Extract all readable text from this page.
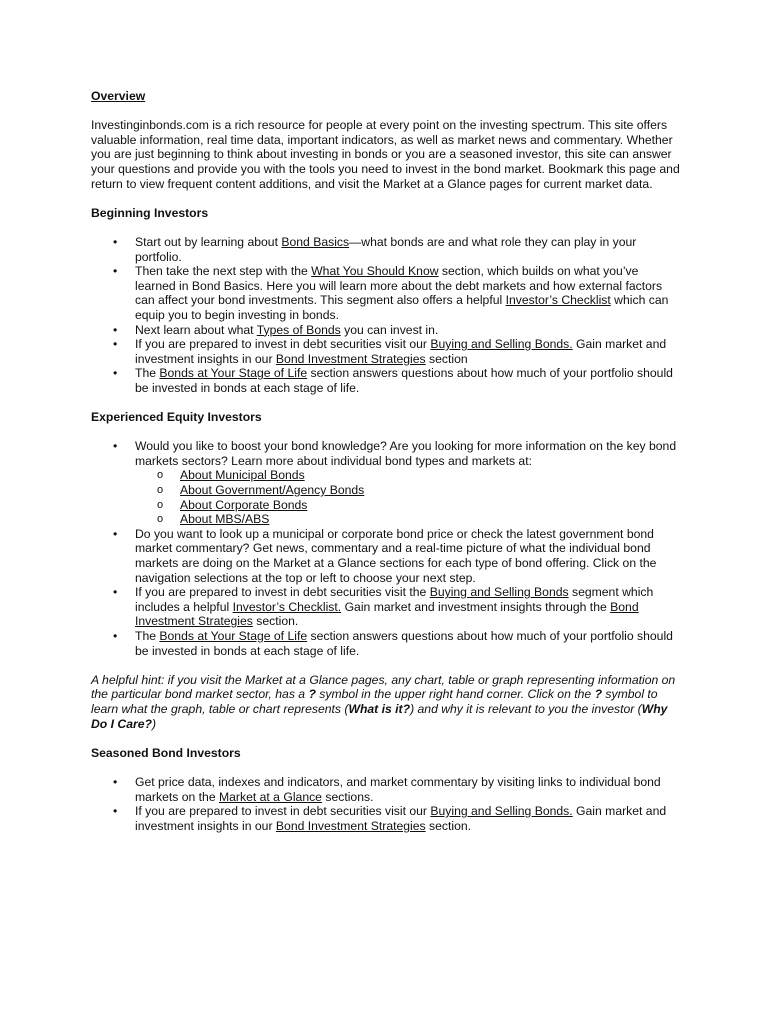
Overview

Investinginbonds.com is a rich resource for people at every point on the investing spectrum. This site offers valuable information, real time data, important indicators, as well as market news and commentary. Whether you are just beginning to think about investing in bonds or you are a seasoned investor, this site can answer your questions and provide you with the tools you need to invest in the bond market. Bookmark this page and return to view frequent content additions, and visit the Market at a Glance pages for current market data.

Beginning Investors
• Start out by learning about Bond Basics—what bonds are and what role they can play in your portfolio.
• Then take the next step with the What You Should Know section, which builds on what you’ve learned in Bond Basics. Here you will learn more about the debt markets and how external factors can affect your bond investments. This segment also offers a helpful Investor’s Checklist which can equip you to begin investing in bonds.
• Next learn about what Types of Bonds you can invest in.
• If you are prepared to invest in debt securities visit our Buying and Selling Bonds. Gain market and investment insights in our Bond Investment Strategies section
• The Bonds at Your Stage of Life section answers questions about how much of your portfolio should be invested in bonds at each stage of life.
Experienced Equity Investors
• Would you like to boost your bond knowledge? Are you looking for more information on the key bond markets sectors? Learn more about individual bond types and markets at:
o About Municipal Bonds
o About Government/Agency Bonds
o About Corporate Bonds
o About MBS/ABS
• Do you want to look up a municipal or corporate bond price or check the latest government bond market commentary? Get news, commentary and a real-time picture of what the individual bond markets are doing on the Market at a Glance sections for each type of bond offering. Click on the navigation selections at the top or left to choose your next step.
• If you are prepared to invest in debt securities visit the Buying and Selling Bonds segment which includes a helpful Investor’s Checklist. Gain market and investment insights through the Bond Investment Strategies section.
• The Bonds at Your Stage of Life section answers questions about how much of your portfolio should be invested in bonds at each stage of life.

A helpful hint: if you visit the Market at a Glance pages, any chart, table or graph representing information on the particular bond market sector, has a ? symbol in the upper right hand corner. Click on the ? symbol to learn what the graph, table or chart represents (What is it?) and why it is relevant to you the investor (Why Do I Care?)

Seasoned Bond Investors
• Get price data, indexes and indicators, and market commentary by visiting links to individual bond markets on the Market at a Glance sections.
• If you are prepared to invest in debt securities visit our Buying and Selling Bonds. Gain market and investment insights in our Bond Investment Strategies section.
